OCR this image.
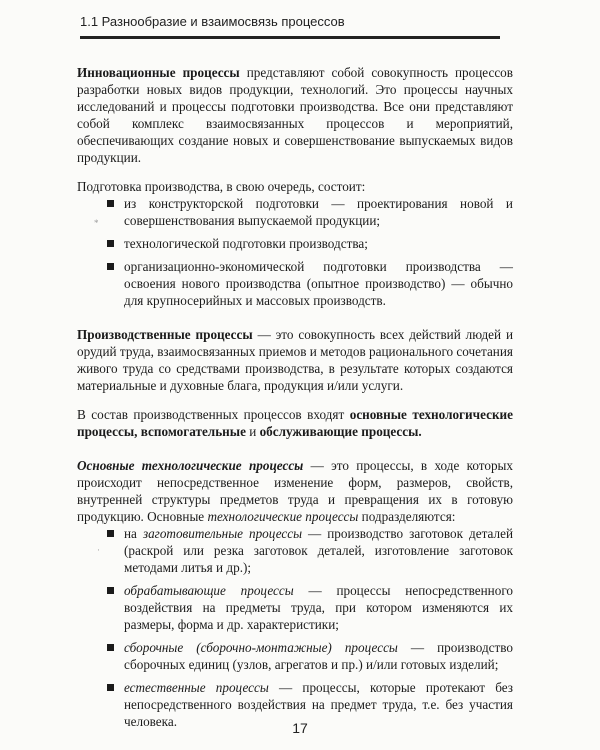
1.1 Разнообразие и взаимосвязь процессов

Инновационные процессы представляют собой совокупность процессов разработки новых видов продукции, технологий. Это процессы научных исследований и процессы подготовки производства. Все они представляют собой комплекс взаимосвязанных процессов и мероприятий, обеспечивающих создание новых и совершенствование выпускаемых видов продукции.

Подготовка производства, в свою очередь, состоит:

из конструкторской подготовки — проектирования новой и совершенствования выпускаемой продукции;
технологической подготовки производства;
организационно-экономической подготовки производства — освоения нового производства (опытное производство) — обычно для крупносерийных и массовых производств.

Производственные процессы — это совокупность всех действий людей и орудий труда, взаимосвязанных приемов и методов рационального сочетания живого труда со средствами производства, в результате которых создаются материальные и духовные блага, продукция и/или услуги.

В состав производственных процессов входят основные технологические процессы, вспомогательные и обслуживающие процессы.

Основные технологические процессы — это процессы, в ходе которых происходит непосредственное изменение форм, размеров, свойств, внутренней структуры предметов труда и превращения их в готовую продукцию. Основные технологические процессы подразделяются:

на заготовительные процессы — производство заготовок деталей (раскрой или резка заготовок деталей, изготовление заготовок методами литья и др.);
обрабатывающие процессы — процессы непосредственного воздействия на предметы труда, при котором изменяются их размеры, форма и др. характеристики;
сборочные (сборочно-монтажные) процессы — производство сборочных единиц (узлов, агрегатов и пр.) и/или готовых изделий;
естественные процессы — процессы, которые протекают без непосредственного воздействия на предмет труда, т.е. без участия человека.
*
·
17
